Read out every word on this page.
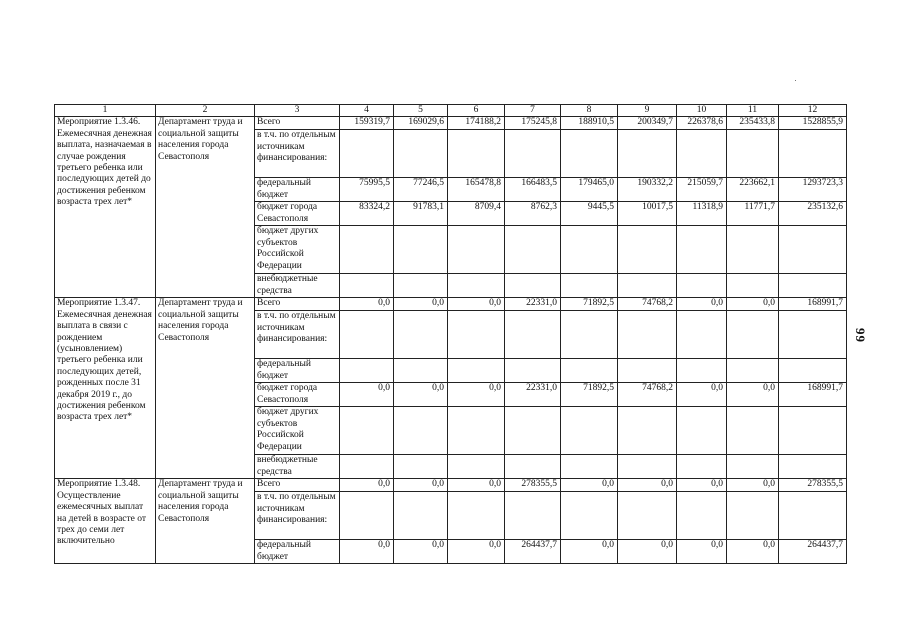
1	2	3	4	5	6	7	8	9	10	11	12
Мероприятие 1.3.46. Ежемесячная денежная выплата, назначаемая в случае рождения третьего ребенка или последующих детей до достижения ребенком возраста трех лет*	Департамент труда и социальной защиты населения города Севастополя	Всего	159319,7	169029,6	174188,2	175245,8	188910,5	200349,7	226378,6	235433,8	1528855,9
		в т.ч. по отдельным источникам финансирования:									
		федеральный бюджет	75995,5	77246,5	165478,8	166483,5	179465,0	190332,2	215059,7	223662,1	1293723,3
		бюджет города Севастополя	83324,2	91783,1	8709,4	8762,3	9445,5	10017,5	11318,9	11771,7	235132,6
		бюджет других субъектов Российской Федерации									
		внебюджетные средства									
Мероприятие 1.3.47. Ежемесячная денежная выплата в связи с рождением (усыновлением) третьего ребенка или последующих детей, рожденных после 31 декабря 2019 г., до достижения ребенком возраста трех лет*	Департамент труда и социальной защиты населения города Севастополя	Всего	0,0	0,0	0,0	22331,0	71892,5	74768,2	0,0	0,0	168991,7
		в т.ч. по отдельным источникам финансирования:									
		федеральный бюджет									
		бюджет города Севастополя	0,0	0,0	0,0	22331,0	71892,5	74768,2	0,0	0,0	168991,7
		бюджет других субъектов Российской Федерации									
		внебюджетные средства									
Мероприятие 1.3.48. Осуществление ежемесячных выплат на детей в возрасте от трех до семи лет включительно	Департамент труда и социальной защиты населения города Севастополя	Всего	0,0	0,0	0,0	278355,5	0,0	0,0	0,0	0,0	278355,5
		в т.ч. по отдельным источникам финансирования:									
		федеральный бюджет	0,0	0,0	0,0	264437,7	0,0	0,0	0,0	0,0	264437,7
99
